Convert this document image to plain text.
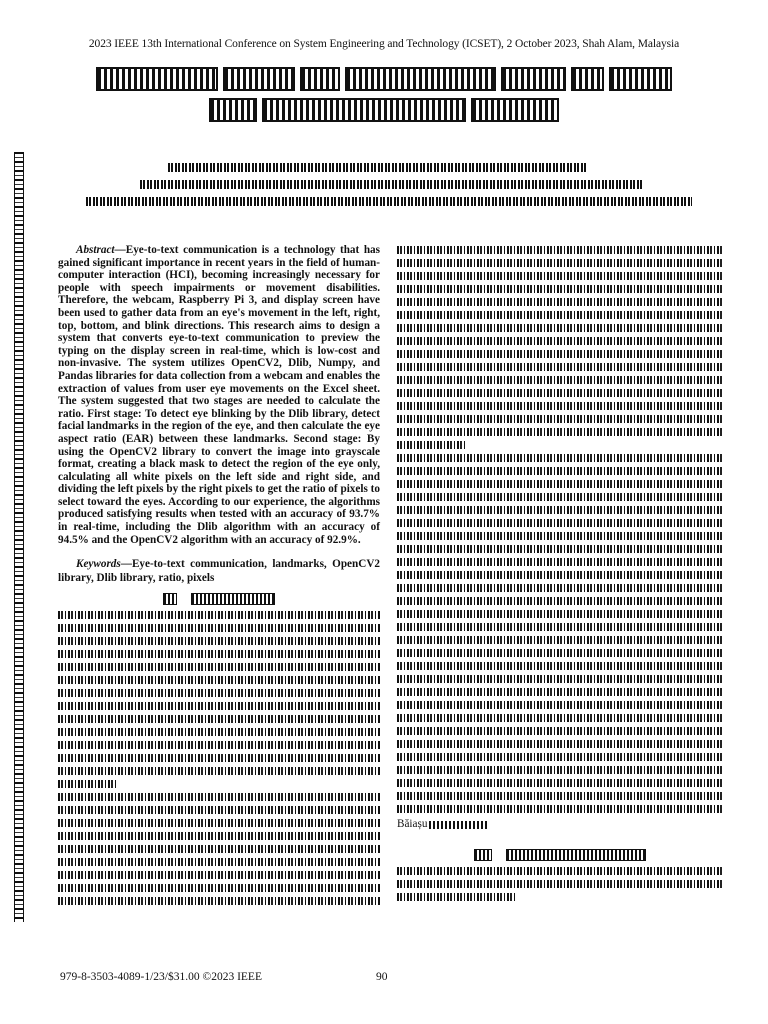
2023 IEEE 13th International Conference on System Engineering and Technology (ICSET), 2 October 2023, Shah Alam, Malaysia

Abstract—Eye-to-text communication is a technology that has gained significant importance in recent years in the field of human-computer interaction (HCI), becoming increasingly necessary for people with speech impairments or movement disabilities. Therefore, the webcam, Raspberry Pi 3, and display screen have been used to gather data from an eye's movement in the left, right, top, bottom, and blink directions. This research aims to design a system that converts eye-to-text communication to preview the typing on the display screen in real-time, which is low-cost and non-invasive. The system utilizes OpenCV2, Dlib, Numpy, and Pandas libraries for data collection from a webcam and enables the extraction of values from user eye movements on the Excel sheet. The system suggested that two stages are needed to calculate the ratio. First stage: To detect eye blinking by the Dlib library, detect facial landmarks in the region of the eye, and then calculate the eye aspect ratio (EAR) between these landmarks. Second stage: By using the OpenCV2 library to convert the image into grayscale format, creating a black mask to detect the region of the eye only, calculating all white pixels on the left side and right side, and dividing the left pixels by the right pixels to get the ratio of pixels to select toward the eyes. According to our experience, the algorithms produced satisfying results when tested with an accuracy of 93.7% in real-time, including the Dlib algorithm with an accuracy of 94.5% and the OpenCV2 algorithm with an accuracy of 92.9%.

Keywords—Eye-to-text communication, landmarks, OpenCV2 library, Dlib library, ratio, pixels

Băiașu
979-8-3503-4089-1/23/$31.00 ©2023 IEEE	90
